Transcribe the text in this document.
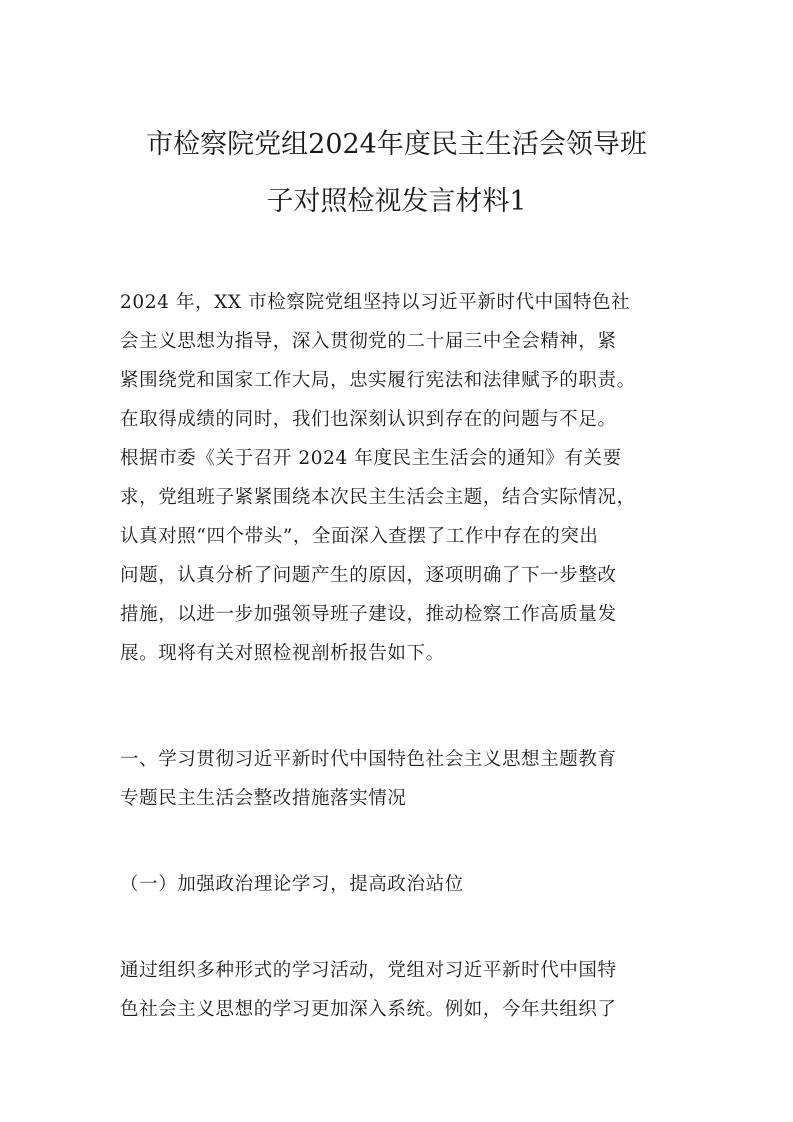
市检察院党组2024年度民主生活会领导班
子对照检视发言材料1
2024 年，XX 市检察院党组坚持以习近平新时代中国特色社
会主义思想为指导，深入贯彻党的二十届三中全会精神，紧
紧围绕党和国家工作大局，忠实履行宪法和法律赋予的职责。
在取得成绩的同时，我们也深刻认识到存在的问题与不足。
根据市委《关于召开 2024 年度民主生活会的通知》有关要
求，党组班子紧紧围绕本次民主生活会主题，结合实际情况，
认真对照“四个带头”，全面深入查摆了工作中存在的突出
问题，认真分析了问题产生的原因，逐项明确了下一步整改
措施，以进一步加强领导班子建设，推动检察工作高质量发
展。现将有关对照检视剖析报告如下。
一、学习贯彻习近平新时代中国特色社会主义思想主题教育
专题民主生活会整改措施落实情况
（一）加强政治理论学习，提高政治站位
通过组织多种形式的学习活动，党组对习近平新时代中国特
色社会主义思想的学习更加深入系统。例如，今年共组织了
